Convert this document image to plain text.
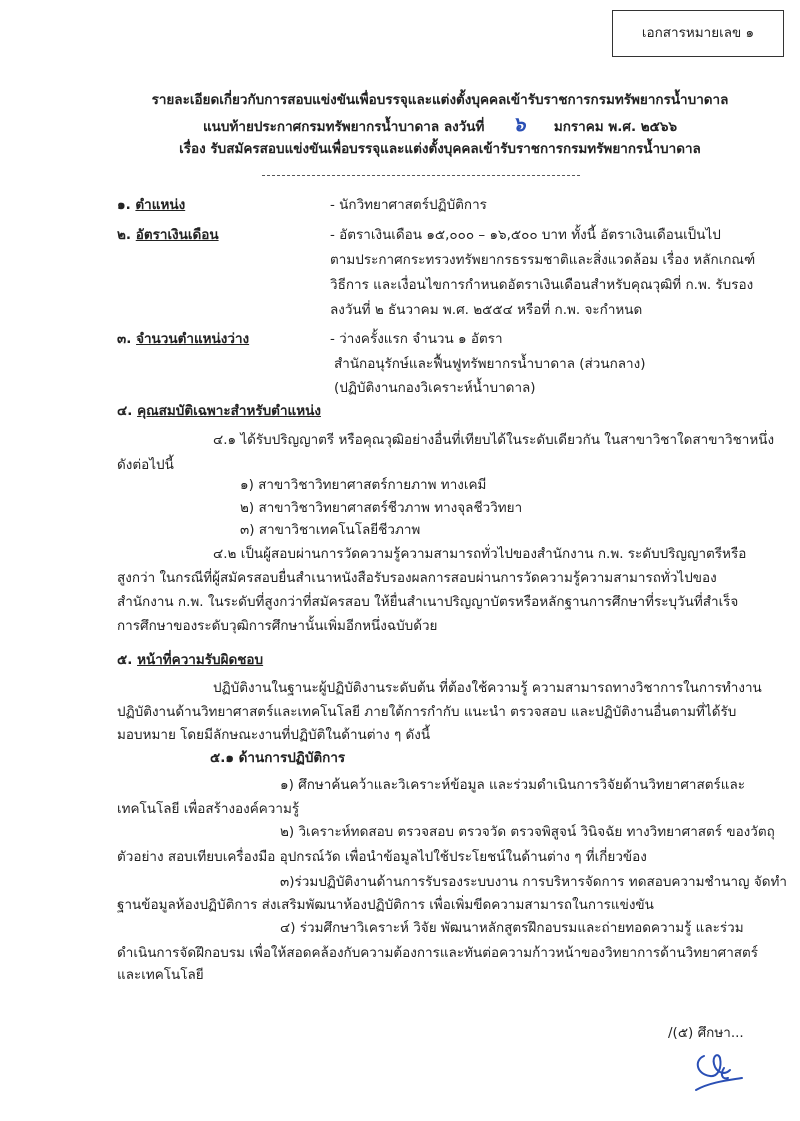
เอกสารหมายเลข ๑
รายละเอียดเกี่ยวกับการสอบแข่งขันเพื่อบรรจุและแต่งตั้งบุคคลเข้ารับราชการกรมทรัพยากรน้ำบาดาล
แนบท้ายประกาศกรมทรัพยากรน้ำบาดาล ลงวันที่ ๖ มกราคม พ.ศ. ๒๕๖๖
เรื่อง รับสมัครสอบแข่งขันเพื่อบรรจุและแต่งตั้งบุคคลเข้ารับราชการกรมทรัพยากรน้ำบาดาล
๑. ตำแหน่ง	- นักวิทยาศาสตร์ปฏิบัติการ
๒. อัตราเงินเดือน	- อัตราเงินเดือน ๑๕,๐๐๐ – ๑๖,๕๐๐ บาท ทั้งนี้ อัตราเงินเดือนเป็นไป
ตามประกาศกระทรวงทรัพยากรธรรมชาติและสิ่งแวดล้อม เรื่อง หลักเกณฑ์
วิธีการ และเงื่อนไขการกำหนดอัตราเงินเดือนสำหรับคุณวุฒิที่ ก.พ. รับรอง
ลงวันที่ ๒ ธันวาคม พ.ศ. ๒๕๕๔ หรือที่ ก.พ. จะกำหนด
๓. จำนวนตำแหน่งว่าง	- ว่างครั้งแรก จำนวน ๑ อัตรา
สำนักอนุรักษ์และฟื้นฟูทรัพยากรน้ำบาดาล (ส่วนกลาง)
(ปฏิบัติงานกองวิเคราะห์น้ำบาดาล)
๔. คุณสมบัติเฉพาะสำหรับตำแหน่ง
๔.๑ ได้รับปริญญาตรี หรือคุณวุฒิอย่างอื่นที่เทียบได้ในระดับเดียวกัน ในสาขาวิชาใดสาขาวิชาหนึ่ง
ดังต่อไปนี้
๑) สาขาวิชาวิทยาศาสตร์กายภาพ ทางเคมี
๒) สาขาวิชาวิทยาศาสตร์ชีวภาพ ทางจุลชีววิทยา
๓) สาขาวิชาเทคโนโลยีชีวภาพ
๔.๒ เป็นผู้สอบผ่านการวัดความรู้ความสามารถทั่วไปของสำนักงาน ก.พ. ระดับปริญญาตรีหรือ
สูงกว่า ในกรณีที่ผู้สมัครสอบยื่นสำเนาหนังสือรับรองผลการสอบผ่านการวัดความรู้ความสามารถทั่วไปของ
สำนักงาน ก.พ. ในระดับที่สูงกว่าที่สมัครสอบ ให้ยื่นสำเนาปริญญาบัตรหรือหลักฐานการศึกษาที่ระบุวันที่สำเร็จ
การศึกษาของระดับวุฒิการศึกษานั้นเพิ่มอีกหนึ่งฉบับด้วย
๕. หน้าที่ความรับผิดชอบ
ปฏิบัติงานในฐานะผู้ปฏิบัติงานระดับต้น ที่ต้องใช้ความรู้ ความสามารถทางวิชาการในการทำงาน
ปฏิบัติงานด้านวิทยาศาสตร์และเทคโนโลยี ภายใต้การกำกับ แนะนำ ตรวจสอบ และปฏิบัติงานอื่นตามที่ได้รับ
มอบหมาย โดยมีลักษณะงานที่ปฏิบัติในด้านต่าง ๆ ดังนี้
๕.๑ ด้านการปฏิบัติการ
๑) ศึกษาค้นคว้าและวิเคราะห์ข้อมูล และร่วมดำเนินการวิจัยด้านวิทยาศาสตร์และ
เทคโนโลยี เพื่อสร้างองค์ความรู้
๒) วิเคราะห์ทดสอบ ตรวจสอบ ตรวจวัด ตรวจพิสูจน์ วินิจฉัย ทางวิทยาศาสตร์ ของวัตถุ
ตัวอย่าง สอบเทียบเครื่องมือ อุปกรณ์วัด เพื่อนำข้อมูลไปใช้ประโยชน์ในด้านต่าง ๆ ที่เกี่ยวข้อง
๓)ร่วมปฏิบัติงานด้านการรับรองระบบงาน การบริหารจัดการ ทดสอบความชำนาญ จัดทำ
ฐานข้อมูลห้องปฏิบัติการ ส่งเสริมพัฒนาห้องปฏิบัติการ เพื่อเพิ่มขีดความสามารถในการแข่งขัน
๔) ร่วมศึกษาวิเคราะห์ วิจัย พัฒนาหลักสูตรฝึกอบรมและถ่ายทอดความรู้ และร่วม
ดำเนินการจัดฝึกอบรม เพื่อให้สอดคล้องกับความต้องการและทันต่อความก้าวหน้าของวิทยาการด้านวิทยาศาสตร์
และเทคโนโลยี
/(๕) ศึกษา...
